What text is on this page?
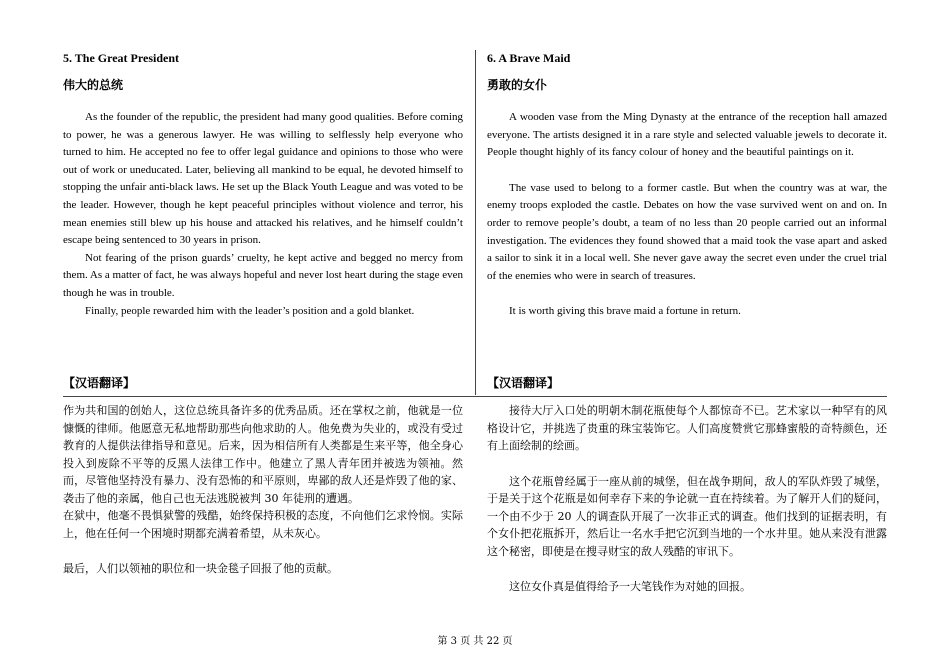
5. The Great President

伟大的总统

As the founder of the republic, the president had many good qualities. Before coming to power, he was a generous lawyer. He was willing to selflessly help everyone who turned to him. He accepted no fee to offer legal guidance and opinions to those who were out of work or uneducated. Later, believing all mankind to be equal, he devoted himself to stopping the unfair anti-black laws. He set up the Black Youth League and was voted to be the leader. However, though he kept peaceful principles without violence and terror, his mean enemies still blew up his house and attacked his relatives, and he himself couldn’t escape being sentenced to 30 years in prison.

Not fearing of the prison guards’ cruelty, he kept active and begged no mercy from them. As a matter of fact, he was always hopeful and never lost heart during the stage even though he was in trouble.

Finally, people rewarded him with the leader’s position and a gold blanket.

【汉语翻译】

作为共和国的创始人，这位总统具备许多的优秀品质。还在掌权之前，他就是一位慷慨的律师。他愿意无私地帮助那些向他求助的人。他免费为失业的，或没有受过教育的人提供法律指导和意见。后来，因为相信所有人类都是生来平等，他全身心投入到废除不平等的反黑人法律工作中。他建立了黑人青年团并被选为领袖。然而，尽管他坚持没有暴力、没有恐怖的和平原则，卑鄙的敌人还是炸毁了他的家、袭击了他的亲属，他自己也无法逃脱被判 30 年徒刑的遭遇。

在狱中，他毫不畏惧狱警的残酷，始终保持积极的态度，不向他们乞求怜悯。实际上，他在任何一个困境时期都充满着希望，从未灰心。

最后，人们以领袖的职位和一块金毯子回报了他的贡献。

6. A Brave Maid

勇敢的女仆

A wooden vase from the Ming Dynasty at the entrance of the reception hall amazed everyone. The artists designed it in a rare style and selected valuable jewels to decorate it. People thought highly of its fancy colour of honey and the beautiful paintings on it.

The vase used to belong to a former castle. But when the country was at war, the enemy troops exploded the castle. Debates on how the vase survived went on and on. In order to remove people’s doubt, a team of no less than 20 people carried out an informal investigation. The evidences they found showed that a maid took the vase apart and asked a sailor to sink it in a local well. She never gave away the secret even under the cruel trial of the enemies who were in search of treasures.

It is worth giving this brave maid a fortune in return.

【汉语翻译】

接待大厅入口处的明朝木制花瓶使每个人都惊奇不已。艺术家以一种罕有的风格设计它，并挑选了贵重的珠宝装饰它。人们高度赞赏它那蜂蜜般的奇特颜色，还有上面绘制的绘画。

这个花瓶曾经属于一座从前的城堡，但在战争期间，敌人的军队炸毁了城堡，于是关于这个花瓶是如何幸存下来的争论就一直在持续着。为了解开人们的疑问，一个由不少于 20 人的调查队开展了一次非正式的调查。他们找到的证据表明，有个女仆把花瓶拆开，然后让一名水手把它沉到当地的一个水井里。她从来没有泄露这个秘密，即使是在搜寻财宝的敌人残酷的审讯下。

这位女仆真是值得给予一大笔钱作为对她的回报。

第 3 页 共 22 页
